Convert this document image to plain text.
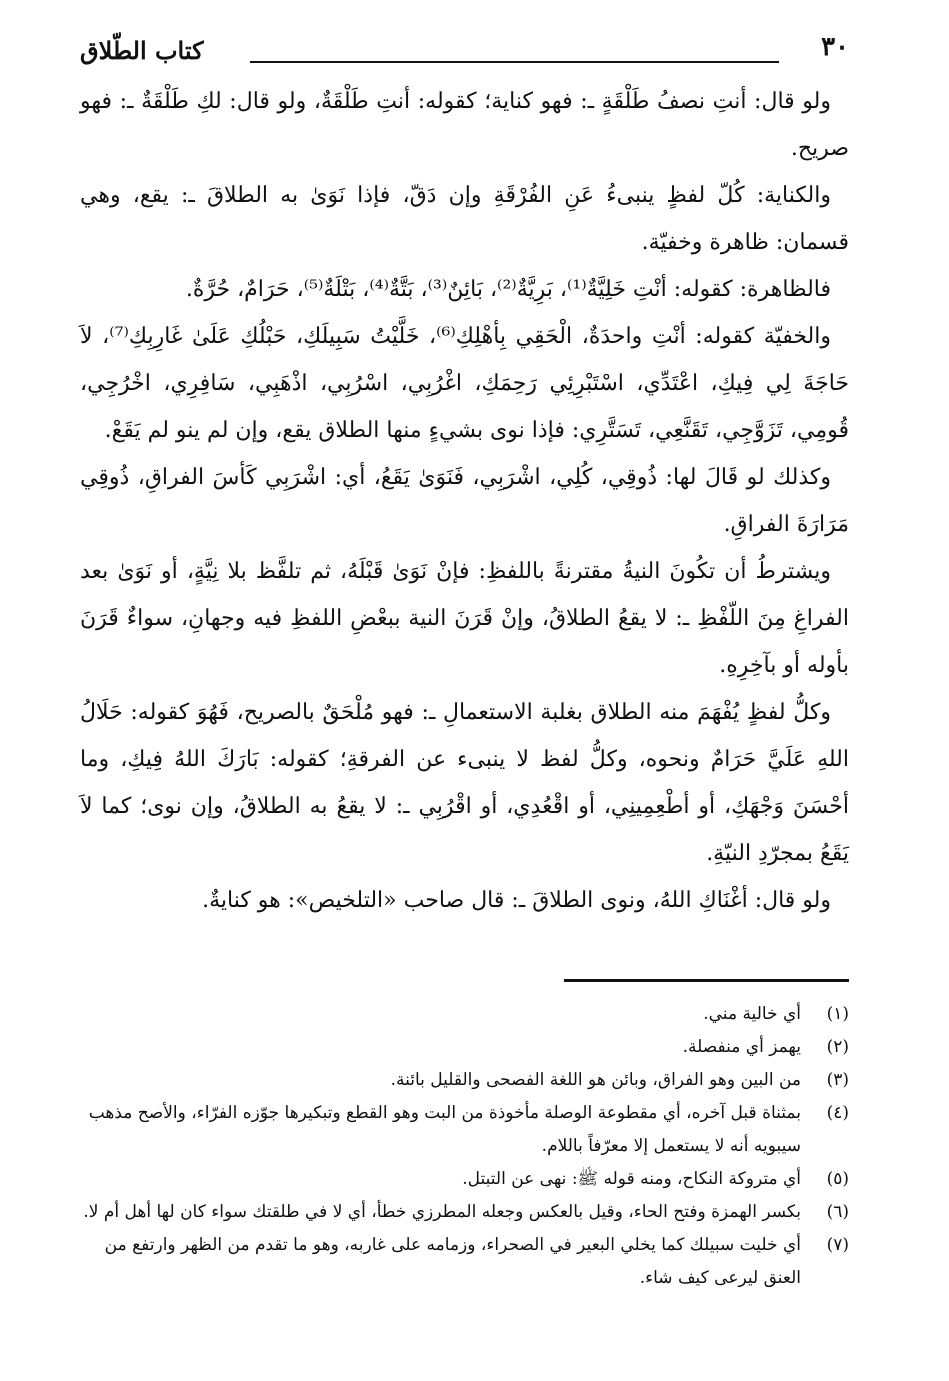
٣٠
كتاب الطّلاق

ولو قال: أنتِ نصفُ طَلْقَةٍ ـ: فهو كناية؛ كقوله: أنتِ طَلْقَةٌ، ولو قال: لكِ طَلْقَةٌ ـ: فهو صريح.

والكناية: كُلّ لفظٍ ينبىءُ عَنِ الفُرْقَةِ وإن دَقّ، فإذا نَوَىٰ به الطلاقَ ـ: يقع، وهي قسمان: ظاهرة وخفيّة.

فالظاهرة: كقوله: أنْتِ خَلِيَّةٌ⁽¹⁾، بَرِيَّةٌ⁽²⁾، بَائِنٌ⁽³⁾، بَتَّةٌ⁽⁴⁾، بَتْلَةٌ⁽⁵⁾، حَرَامٌ، حُرَّةٌ.

والخفيّة كقوله: أنْتِ واحدَةٌ، الْحَقِي بِأهْلِكِ⁽⁶⁾، خَلَّيْتُ سَبِيلَكِ، حَبْلُكِ عَلَىٰ غَارِبِكِ⁽⁷⁾، لاَ حَاجَةَ لِي فِيكِ، اعْتَدِّي، اسْتَبْرِئِي رَحِمَكِ، اغْرُبِي، اسْرُبِي، اذْهَبِي، سَافِرِي، اخْرُجِي، قُومِي، تَزَوَّجِي، تَقَنَّعِي، تَسَتَّرِي: فإذا نوى بشيءٍ منها الطلاق يقع، وإن لم ينو لم يَقَعْ.

وكذلك لو قَالَ لها: ذُوقِي، كُلِي، اشْرَبِي، فَنَوَىٰ يَقَعُ، أي: اشْرَبِي كَأسَ الفراقِ، ذُوقِي مَرَارَةَ الفراقِ.

ويشترطُ أن تكُونَ النيةُ مقترنةً باللفظِ: فإنْ نَوَىٰ قَبْلَهُ، ثم تلفَّظ بلا نِيَّةٍ، أو نَوَىٰ بعد الفراغِ مِنَ اللّفْظِ ـ: لا يقعُ الطلاقُ، وإنْ قَرَنَ النية ببعْضِ اللفظِ فيه وجهانِ، سواءٌ قَرَنَ بأوله أو بآخِرِهِ.

وكلُّ لفظٍ يُفْهَمَ منه الطلاق بغلبة الاستعمالِ ـ: فهو مُلْحَقٌ بالصريح، فَهُوَ كقوله: حَلَالُ اللهِ عَلَيَّ حَرَامٌ ونحوه، وكلُّ لفظ لا ينبىء عن الفرقةِ؛ كقوله: بَارَكَ اللهُ فِيكِ، وما أحْسَنَ وَجْهَكِ، أو أطْعِمِينِي، أو اقْعُدِي، أو اقْرُبِي ـ: لا يقعُ به الطلاقُ، وإن نوى؛ كما لاَ يَقَعُ بمجرّدِ النيّةِ.

ولو قال: أغْنَاكِ اللهُ، ونوى الطلاقَ ـ: قال صاحب «التلخيص»: هو كنايةٌ.

(١)
أي خالية مني.
(٢)
يهمز أي منفصلة.
(٣)
من البين وهو الفراق، وبائن هو اللغة الفصحى والقليل بائنة.
(٤)
بمثناة قبل آخره، أي مقطوعة الوصلة مأخوذة من البت وهو القطع وتبكيرها جوّزه الفرّاء، والأصح مذهب سيبويه أنه لا يستعمل إلا معرّفاً باللام.
(٥)
أي متروكة النكاح، ومنه قوله ﷺ: نهى عن التبتل.
(٦)
بكسر الهمزة وفتح الحاء، وقيل بالعكس وجعله المطرزي خطأ، أي لا في طلقتك سواء كان لها أهل أم لا.
(٧)
أي خليت سبيلك كما يخلي البعير في الصحراء، وزمامه على غاربه، وهو ما تقدم من الظهر وارتفع من العنق ليرعى كيف شاء.
